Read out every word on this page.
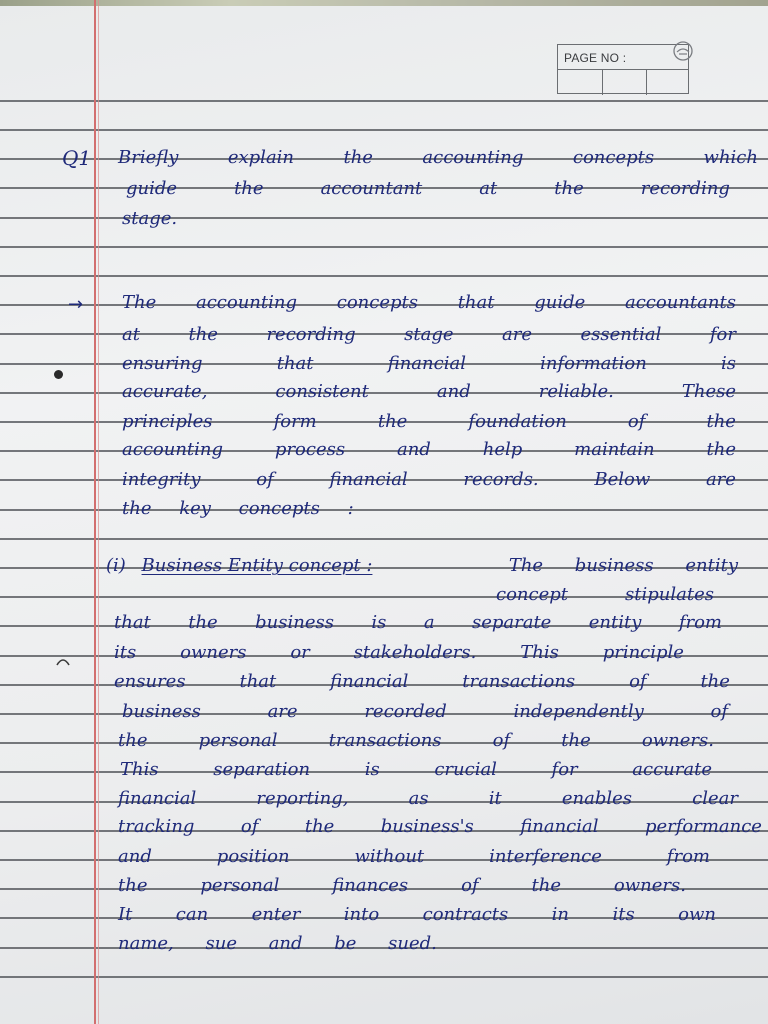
PAGE NO :
Q1 Briefly	explain	the	accounting	concepts	which
guide	the	accountant	at	the	recording
stage.
→ The accounting concepts that guide accountants
at	the	recording	stage	are	essential	for
ensuring	that	financial	information	is
accurate,	consistent	and	reliable.	These
principles	form	the	foundation	of	the
accounting	process	and	help	maintain	the
integrity	of	financial	records.	Below	are
the key concepts :
(i) Business Entity concept :	The business entity
concept	stipulates
that the business is a separate entity from
its owners or stakeholders. This principle
ensures	that	financial	transactions	of	the
business	are	recorded	independently	of
the	personal	transactions	of	the	owners.
This	separation	is	crucial	for	accurate
financial	reporting,	as	it	enables	clear
tracking	of	the	business's	financial	performance
and	position	without	interference	from
the	personal	finances	of	the	owners.
It can enter into contracts in its own
name, sue and be sued.
